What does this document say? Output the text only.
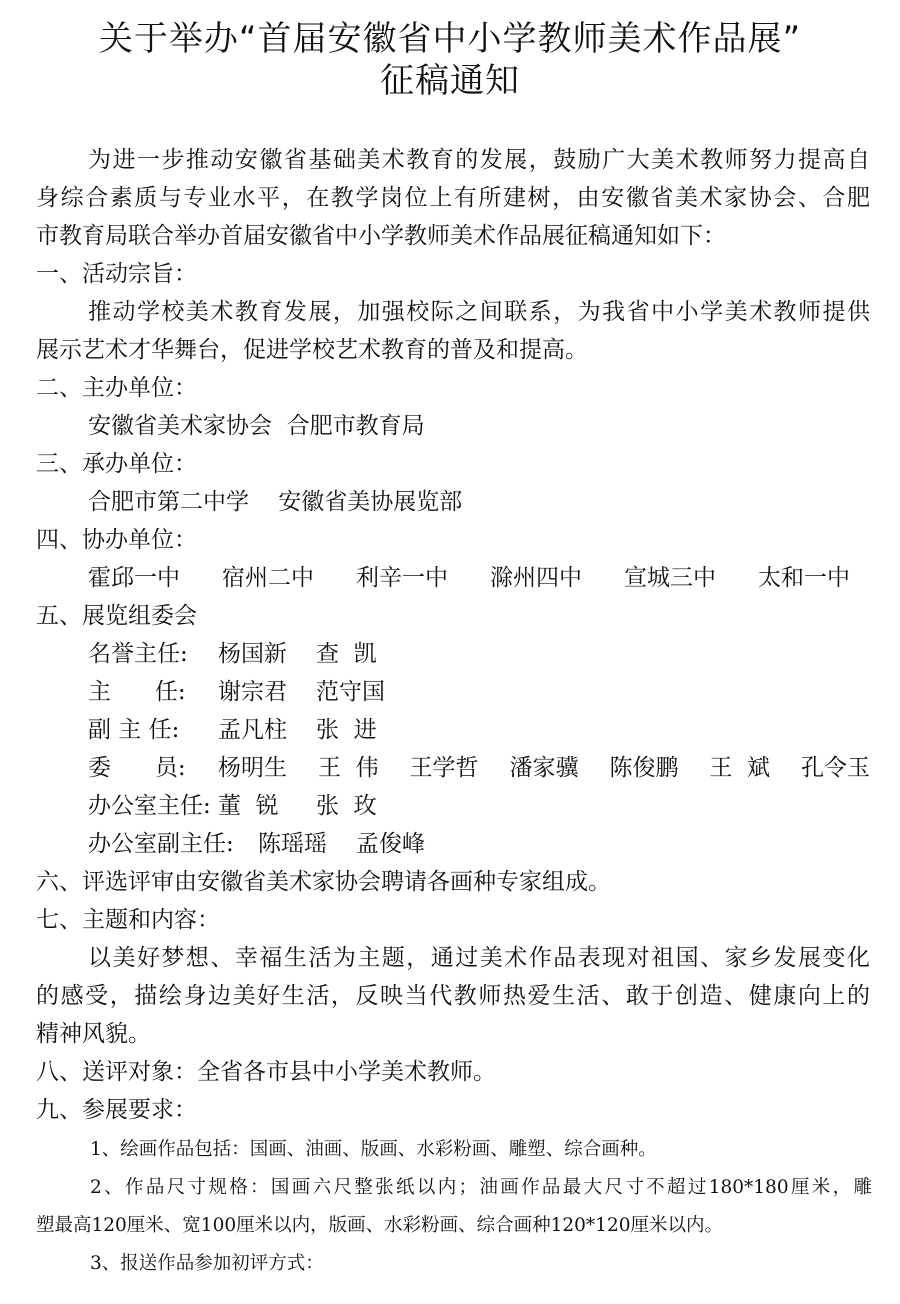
关于举办“首届安徽省中小学教师美术作品展”
征稿通知
为进一步推动安徽省基础美术教育的发展，鼓励广大美术教师努力提高自
身综合素质与专业水平，在教学岗位上有所建树，由安徽省美术家协会、合肥
市教育局联合举办首届安徽省中小学教师美术作品展征稿通知如下：
一、活动宗旨：
推动学校美术教育发展，加强校际之间联系，为我省中小学美术教师提供
展示艺术才华舞台，促进学校艺术教育的普及和提高。
二、主办单位：
安徽省美术家协会  合肥市教育局
三、承办单位：
合肥市第二中学    安徽省美协展览部
四、协办单位：
霍邱一中 宿州二中 利辛一中 滁州四中 宣城三中 太和一中
五、展览组委会
名誉主任: 杨国新 查  凯
主      任: 谢宗君 范守国
副 主 任: 孟凡柱 张  进
委      员: 杨明生 王  伟 王学哲 潘家骥 陈俊鹏 王  斌 孔令玉
办公室主任: 董  锐 张  玫
办公室副主任: 陈瑶瑶 孟俊峰
六、评选评审由安徽省美术家协会聘请各画种专家组成。
七、主题和内容：
以美好梦想、幸福生活为主题，通过美术作品表现对祖国、家乡发展变化
的感受，描绘身边美好生活，反映当代教师热爱生活、敢于创造、健康向上的
精神风貌。
八、送评对象：全省各市县中小学美术教师。
九、参展要求：
1、绘画作品包括：国画、油画、版画、水彩粉画、雕塑、综合画种。
2、作品尺寸规格：国画六尺整张纸以内；油画作品最大尺寸不超过180*180厘米，雕
塑最高120厘米、宽100厘米以内，版画、水彩粉画、综合画种120*120厘米以内。
3、报送作品参加初评方式：
